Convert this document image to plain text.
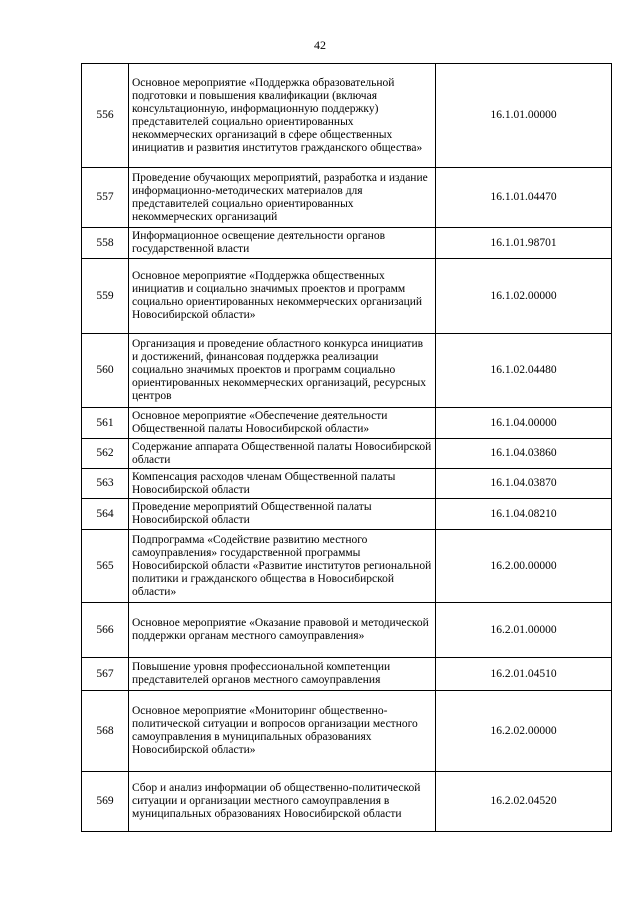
42
556	Основное мероприятие «Поддержка образовательной подготовки и повышения квалификации (включая консультационную, информационную поддержку) представителей социально ориентированных некоммерческих организаций в сфере общественных инициатив и развития институтов гражданского общества»	16.1.01.00000
557	Проведение обучающих мероприятий, разработка и издание информационно-методических материалов для представителей социально ориентированных некоммерческих организаций	16.1.01.04470
558	Информационное освещение деятельности органов государственной власти	16.1.01.98701
559	Основное мероприятие «Поддержка общественных инициатив и социально значимых проектов и программ социально ориентированных некоммерческих организаций Новосибирской области»	16.1.02.00000
560	Организация и проведение областного конкурса инициатив и достижений, финансовая поддержка реализации социально значимых проектов и программ социально ориентированных некоммерческих организаций, ресурсных центров	16.1.02.04480
561	Основное мероприятие «Обеспечение деятельности Общественной палаты Новосибирской области»	16.1.04.00000
562	Содержание аппарата Общественной палаты Новосибирской области	16.1.04.03860
563	Компенсация расходов членам Общественной палаты Новосибирской области	16.1.04.03870
564	Проведение мероприятий Общественной палаты Новосибирской области	16.1.04.08210
565	Подпрограмма «Содействие развитию местного самоуправления» государственной программы Новосибирской области «Развитие институтов региональной политики и гражданского общества в Новосибирской области»	16.2.00.00000
566	Основное мероприятие «Оказание правовой и методической поддержки органам местного самоуправления»	16.2.01.00000
567	Повышение уровня профессиональной компетенции представителей органов местного самоуправления	16.2.01.04510
568	Основное мероприятие «Мониторинг общественно-политической ситуации и вопросов организации местного самоуправления в муниципальных образованиях Новосибирской области»	16.2.02.00000
569	Сбор и анализ информации об общественно-политической ситуации и организации местного самоуправления в муниципальных образованиях Новосибирской области	16.2.02.04520
